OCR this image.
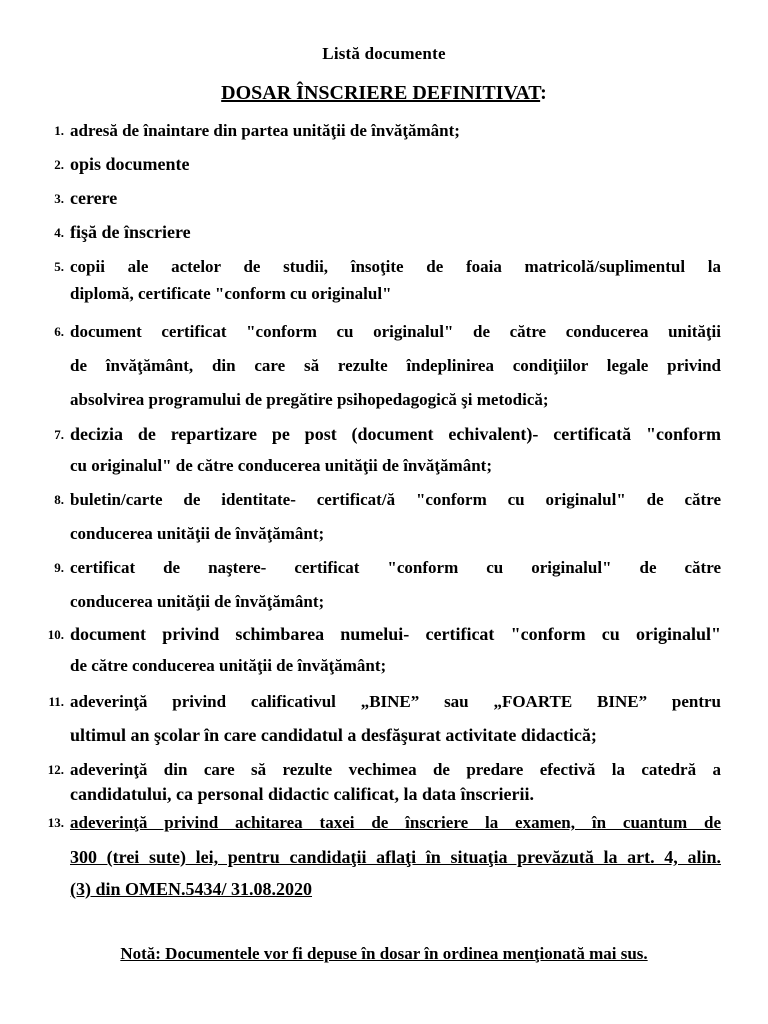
Listă documente
DOSAR ÎNSCRIERE DEFINITIVAT:
1. adresă de înaintare din partea unităţii de învăţământ;
2. opis documente
3. cerere
4. fişă de înscriere
5. copii ale actelor de studii, însoţite de foaia matricolă/suplimentul la
diplomă, certificate "conform cu originalul"
6. document certificat "conform cu originalul" de către conducerea unităţii
de învăţământ, din care să rezulte îndeplinirea condiţiilor legale privind
absolvirea programului de pregătire psihopedagogică şi metodică;
7. decizia de repartizare pe post (document echivalent)- certificată "conform
cu originalul" de către conducerea unităţii de învăţământ;
8. buletin/carte de identitate- certificat/ă "conform cu originalul" de către
conducerea unităţii de învăţământ;
9. certificat de naştere- certificat "conform cu originalul" de către
conducerea unităţii de învăţământ;
10. document privind schimbarea numelui- certificat "conform cu originalul"
de către conducerea unităţii de învăţământ;
11. adeverinţă privind calificativul „BINE” sau „FOARTE BINE” pentru
ultimul an şcolar în care candidatul a desfăşurat activitate didactică;
12. adeverinţă din care să rezulte vechimea de predare efectivă la catedră a
candidatului, ca personal didactic calificat, la data înscrierii.
13. adeverinţă privind achitarea taxei de înscriere la examen, în cuantum de
300 (trei sute) lei, pentru candidaţii aflaţi în situaţia prevăzută la art. 4, alin.
(3) din OMEN.5434/ 31.08.2020
Notă: Documentele vor fi depuse în dosar în ordinea menţionată mai sus.
